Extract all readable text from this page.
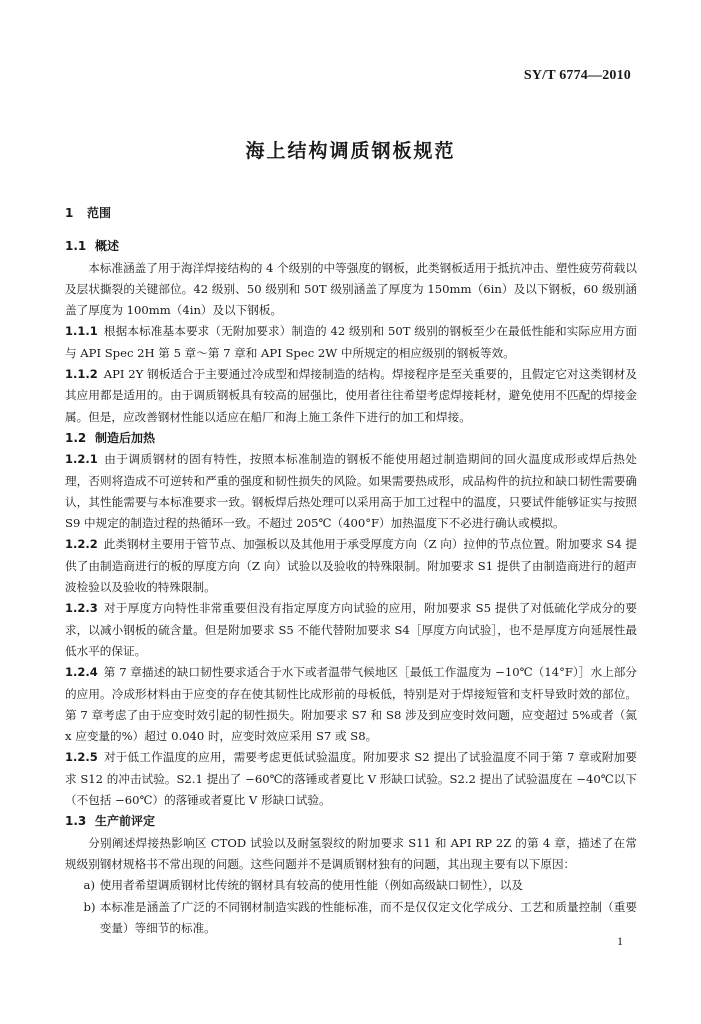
SY/T 6774—2010
海上结构调质钢板规范
1 范围
1.1 概述

本标准涵盖了用于海洋焊接结构的 4 个级别的中等强度的钢板，此类钢板适用于抵抗冲击、塑性疲劳荷载以及层状撕裂的关键部位。42 级别、50 级别和 50T 级别涵盖了厚度为 150mm（6in）及以下钢板，60 级别涵盖了厚度为 100mm（4in）及以下钢板。

1.1.1 根据本标准基本要求（无附加要求）制造的 42 级别和 50T 级别的钢板至少在最低性能和实际应用方面与 API Spec 2H 第 5 章～第 7 章和 API Spec 2W 中所规定的相应级别的钢板等效。

1.1.2 API 2Y 钢板适合于主要通过冷成型和焊接制造的结构。焊接程序是至关重要的，且假定它对这类钢材及其应用都是适用的。由于调质钢板具有较高的屈强比，使用者往往希望考虑焊接耗材，避免使用不匹配的焊接金属。但是，应改善钢材性能以适应在船厂和海上施工条件下进行的加工和焊接。

1.2 制造后加热

1.2.1 由于调质钢材的固有特性，按照本标准制造的钢板不能使用超过制造期间的回火温度成形或焊后热处理，否则将造成不可逆转和严重的强度和韧性损失的风险。如果需要热成形，成品构件的抗拉和缺口韧性需要确认，其性能需要与本标准要求一致。钢板焊后热处理可以采用高于加工过程中的温度，只要试件能够证实与按照 S9 中规定的制造过程的热循环一致。不超过 205℃（400°F）加热温度下不必进行确认或模拟。

1.2.2 此类钢材主要用于管节点、加强板以及其他用于承受厚度方向（Z 向）拉伸的节点位置。附加要求 S4 提供了由制造商进行的板的厚度方向（Z 向）试验以及验收的特殊限制。附加要求 S1 提供了由制造商进行的超声波检验以及验收的特殊限制。

1.2.3 对于厚度方向特性非常重要但没有指定厚度方向试验的应用，附加要求 S5 提供了对低硫化学成分的要求，以减小钢板的硫含量。但是附加要求 S5 不能代替附加要求 S4［厚度方向试验］，也不是厚度方向延展性最低水平的保证。

1.2.4 第 7 章描述的缺口韧性要求适合于水下或者温带气候地区［最低工作温度为 −10℃（14°F）］水上部分的应用。冷成形材料由于应变的存在使其韧性比成形前的母板低，特别是对于焊接短管和支杆导致时效的部位。第 7 章考虑了由于应变时效引起的韧性损失。附加要求 S7 和 S8 涉及到应变时效问题，应变超过 5%或者（氮 x 应变量的%）超过 0.040 时，应变时效应采用 S7 或 S8。

1.2.5 对于低工作温度的应用，需要考虑更低试验温度。附加要求 S2 提出了试验温度不同于第 7 章或附加要求 S12 的冲击试验。S2.1 提出了 −60℃的落锤或者夏比 V 形缺口试验。S2.2 提出了试验温度在 −40℃以下（不包括 −60℃）的落锤或者夏比 V 形缺口试验。

1.3 生产前评定

分别阐述焊接热影响区 CTOD 试验以及耐氢裂纹的附加要求 S11 和 API RP 2Z 的第 4 章，描述了在常规级别钢材规格书不常出现的问题。这些问题并不是调质钢材独有的问题，其出现主要有以下原因：

a) 使用者希望调质钢材比传统的钢材具有较高的使用性能（例如高级缺口韧性），以及

b) 本标准是涵盖了广泛的不同钢材制造实践的性能标准，而不是仅仅定文化学成分、工艺和质量控制（重要变量）等细节的标准。

1
